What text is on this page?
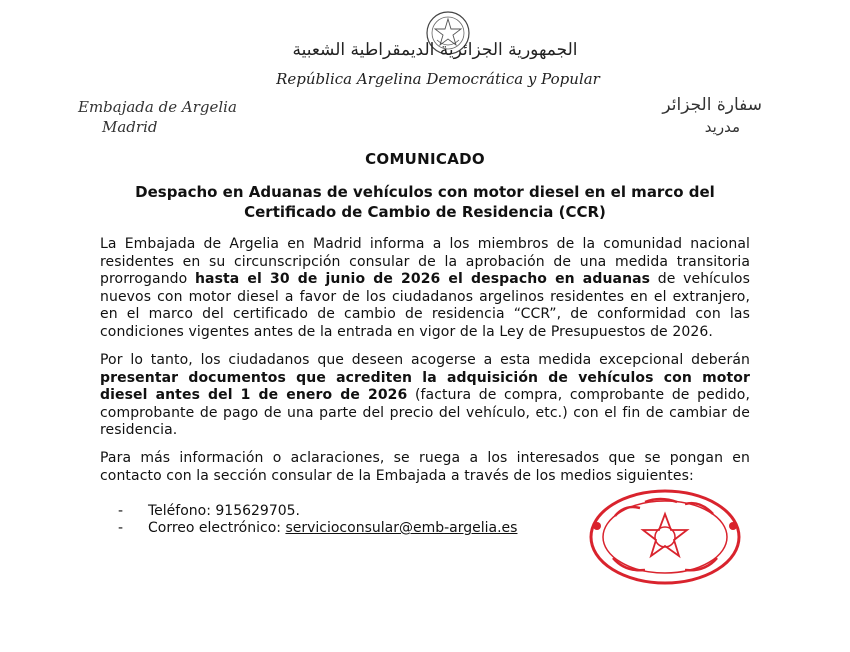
الجمهورية الجزائرية الديمقراطية الشعبية
República Argelina Democrática y Popular
Embajada de Argelia
Madrid
سفارة الجزائر
مدريد
COMUNICADO
Despacho en Aduanas de vehículos con motor diesel en el marco del Certificado de Cambio de Residencia (CCR)
La Embajada de Argelia en Madrid informa a los miembros de la comunidad nacional residentes en su circunscripción consular de la aprobación de una medida transitoria prorrogando hasta el 30 de junio de 2026 el despacho en aduanas de vehículos nuevos con motor diesel a favor de los ciudadanos argelinos residentes en el extranjero, en el marco del certificado de cambio de residencia “CCR”, de conformidad con las condiciones vigentes antes de la entrada en vigor de la Ley de Presupuestos de 2026.
Por lo tanto, los ciudadanos que deseen acogerse a esta medida excepcional deberán presentar documentos que acrediten la adquisición de vehículos con motor diesel antes del 1 de enero de 2026 (factura de compra, comprobante de pedido, comprobante de pago de una parte del precio del vehículo, etc.) con el fin de cambiar de residencia.
Para más información o aclaraciones, se ruega a los interesados que se pongan en contacto con la sección consular de la Embajada a través de los medios siguientes:
- Teléfono: 915629705.
- Correo electrónico: servicioconsular@emb-argelia.es
